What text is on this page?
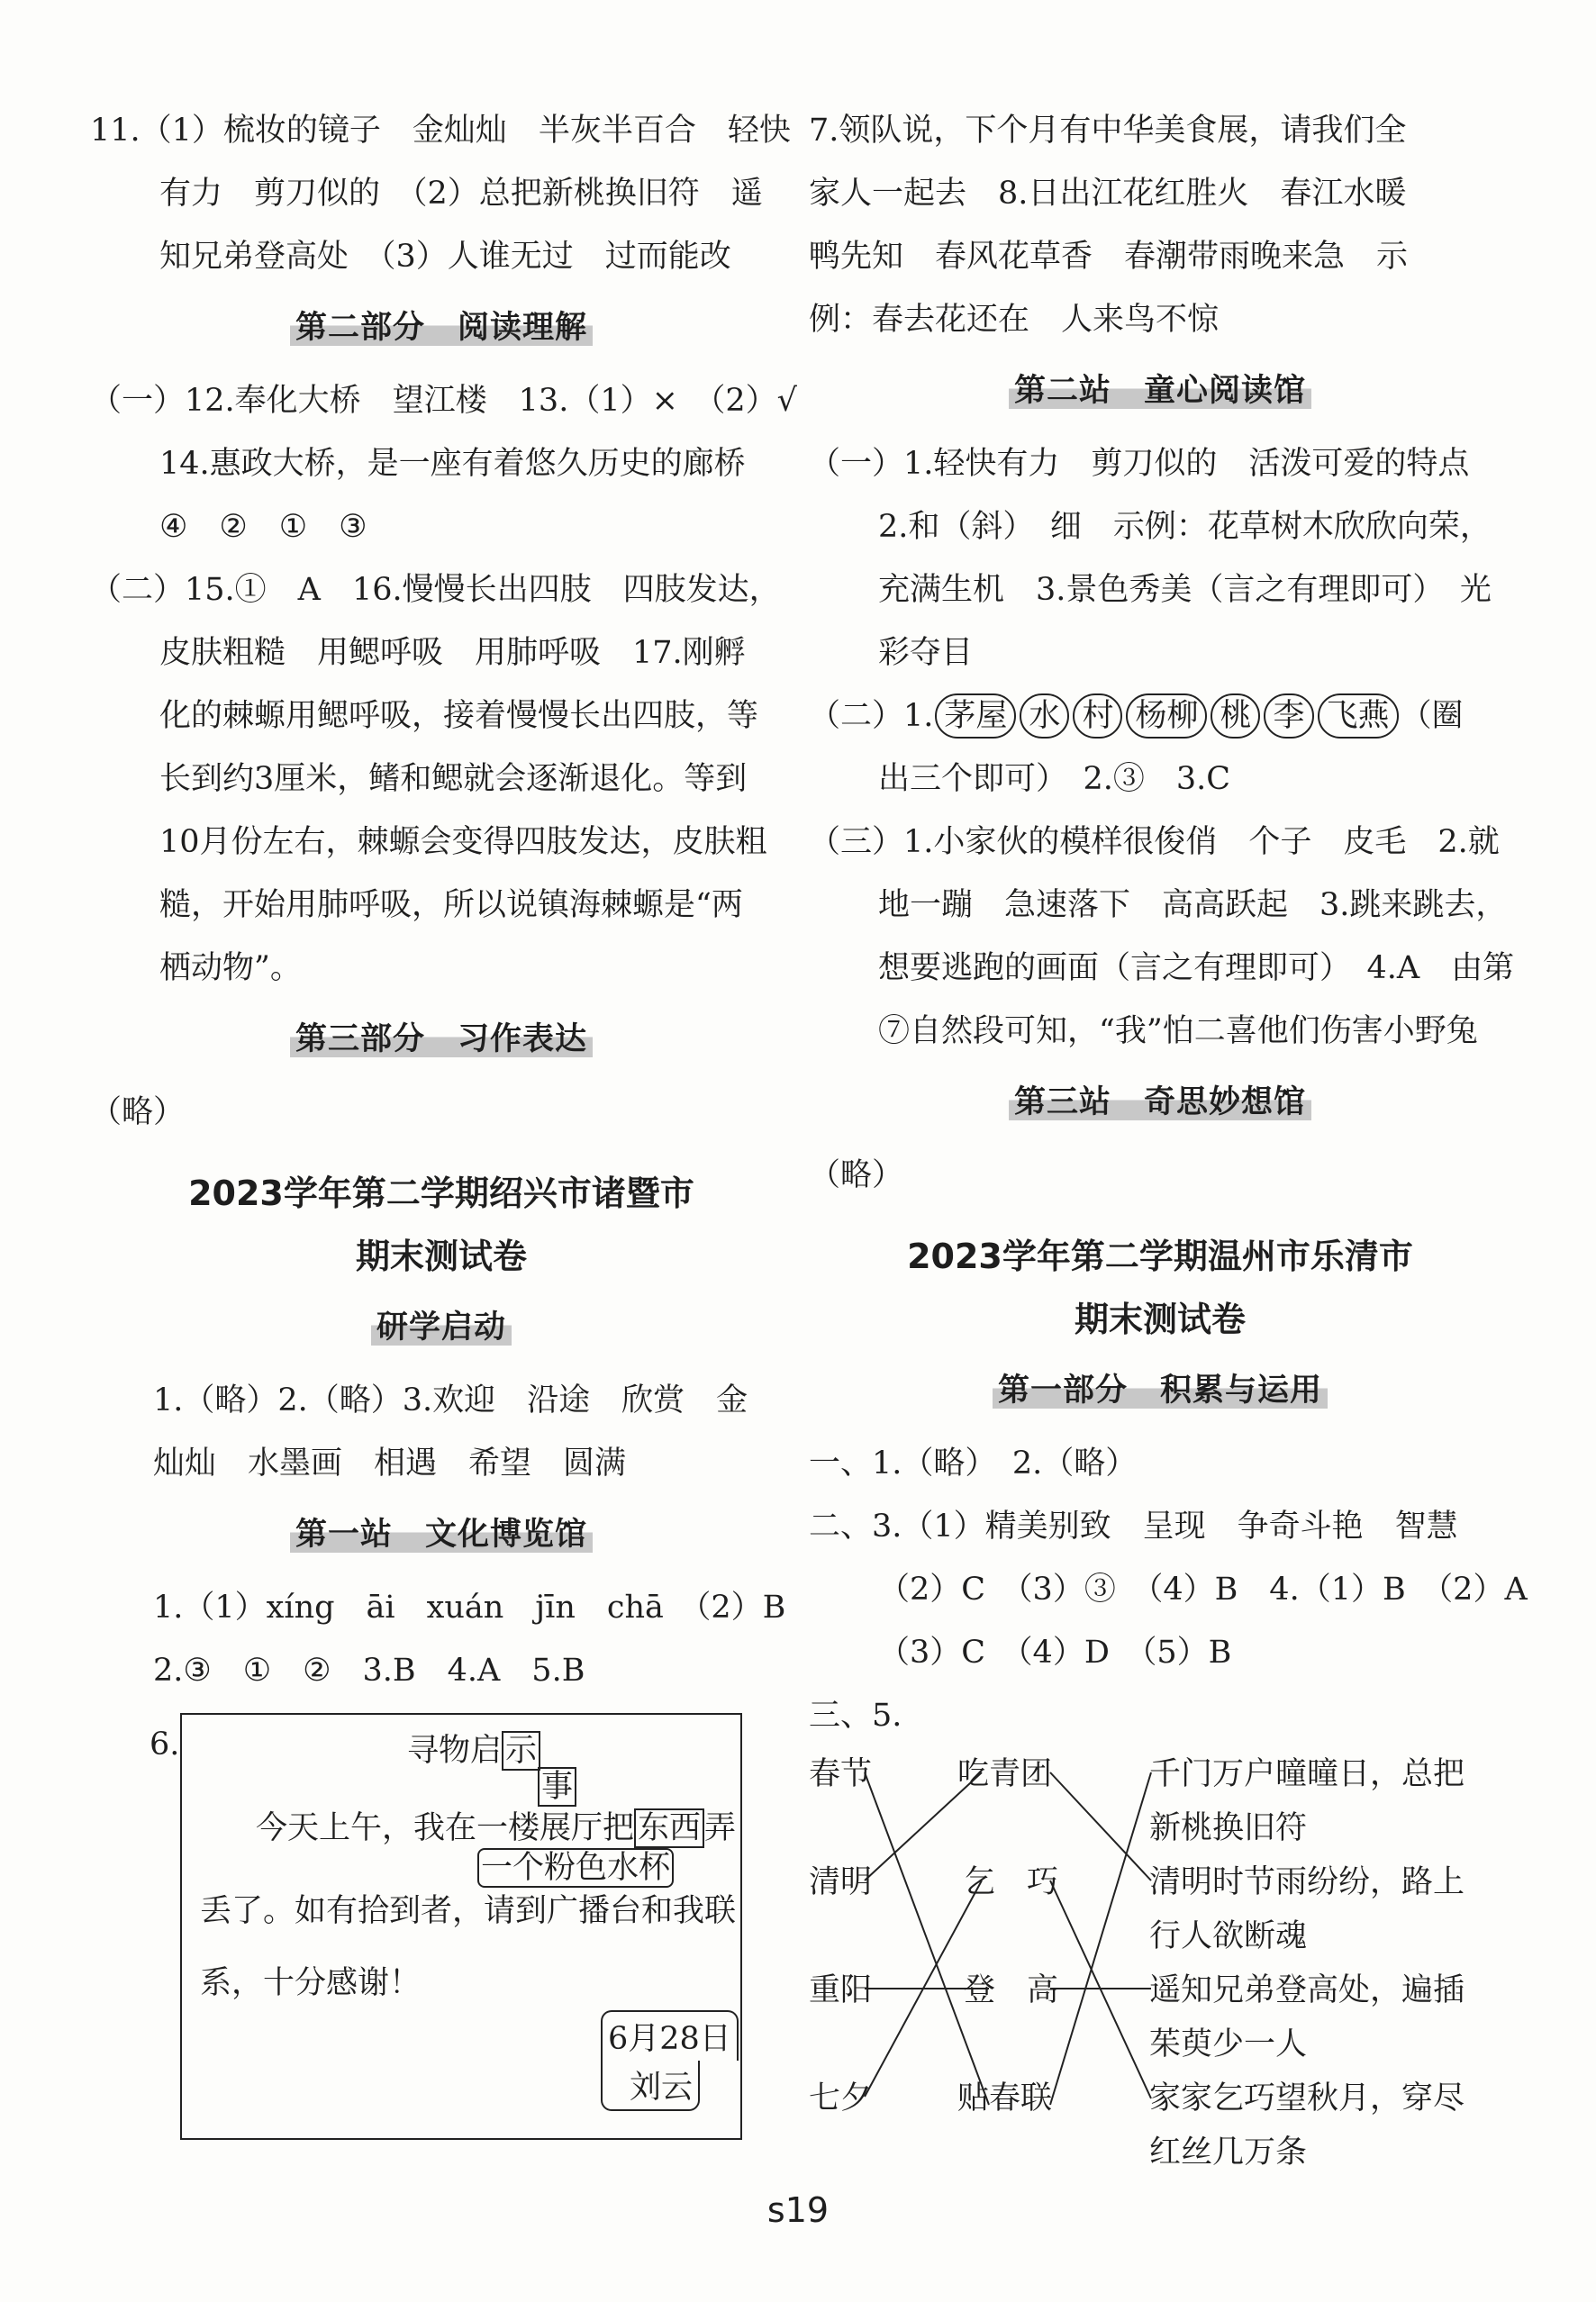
11.（1）梳妆的镜子　金灿灿　半灰半百合　轻快
有力　剪刀似的　（2）总把新桃换旧符　遥
知兄弟登高处　（3）人谁无过　过而能改
第二部分　阅读理解
（一）12.奉化大桥　望江楼　13.（1）×　（2）√
14.惠政大桥，是一座有着悠久历史的廊桥
④　②　①　③
（二）15.①　A　16.慢慢长出四肢　四肢发达，
皮肤粗糙　用鳃呼吸　用肺呼吸　17.刚孵
化的棘螈用鳃呼吸，接着慢慢长出四肢，等
长到约3厘米，鳍和鳃就会逐渐退化。等到
10月份左右，棘螈会变得四肢发达，皮肤粗
糙，开始用肺呼吸，所以说镇海棘螈是“两
栖动物”。
第三部分　习作表达
（略）
2023学年第二学期绍兴市诸暨市
期末测试卷
研学启动
1.（略）2.（略）3.欢迎　沿途　欣赏　金
灿灿　水墨画　相遇　希望　圆满
第一站　文化博览馆
1.（1）xíng　āi　xuán　jīn　chā　（2）B
2.③　①　②　3.B　4.A　5.B
6.	寻物启 示
事
今天上午，我在一楼展厅把 东西 弄
一个粉色水杯
丢了。如有拾到者，请到广播台和我联
系，十分感谢！
6月28日
刘云
7.领队说，下个月有中华美食展，请我们全
家人一起去　8.日出江花红胜火　春江水暖
鸭先知　春风花草香　春潮带雨晚来急　示
例：春去花还在　人来鸟不惊
第二站　童心阅读馆
（一）1.轻快有力　剪刀似的　活泼可爱的特点
2.和（斜）　细　示例：花草树木欣欣向荣，
充满生机　3.景色秀美（言之有理即可）　光
彩夺目
（二）1. 茅屋 水 村 杨柳 桃 李 飞燕 （圈
出三个即可）　2.③　3.C
（三）1.小家伙的模样很俊俏　个子　皮毛　2.就
地一蹦　急速落下　高高跃起　3.跳来跳去，
想要逃跑的画面（言之有理即可）　4.A　由第
⑦自然段可知，“我”怕二喜他们伤害小野兔
第三站　奇思妙想馆
（略）
2023学年第二学期温州市乐清市
期末测试卷
第一部分　积累与运用
一、1.（略）　2.（略）
二、3.（1）精美别致　呈现　争奇斗艳　智慧
（2）C　（3）③　（4）B　4.（1）B　（2）A
（3）C　（4）D　（5）B
三、5.
春节
清明
重阳
七夕
吃青团
乞　巧
登　高
贴春联
千门万户曈曈日，总把
新桃换旧符
清明时节雨纷纷，路上
行人欲断魂
遥知兄弟登高处，遍插
茱萸少一人
家家乞巧望秋月，穿尽
红丝几万条
s19
